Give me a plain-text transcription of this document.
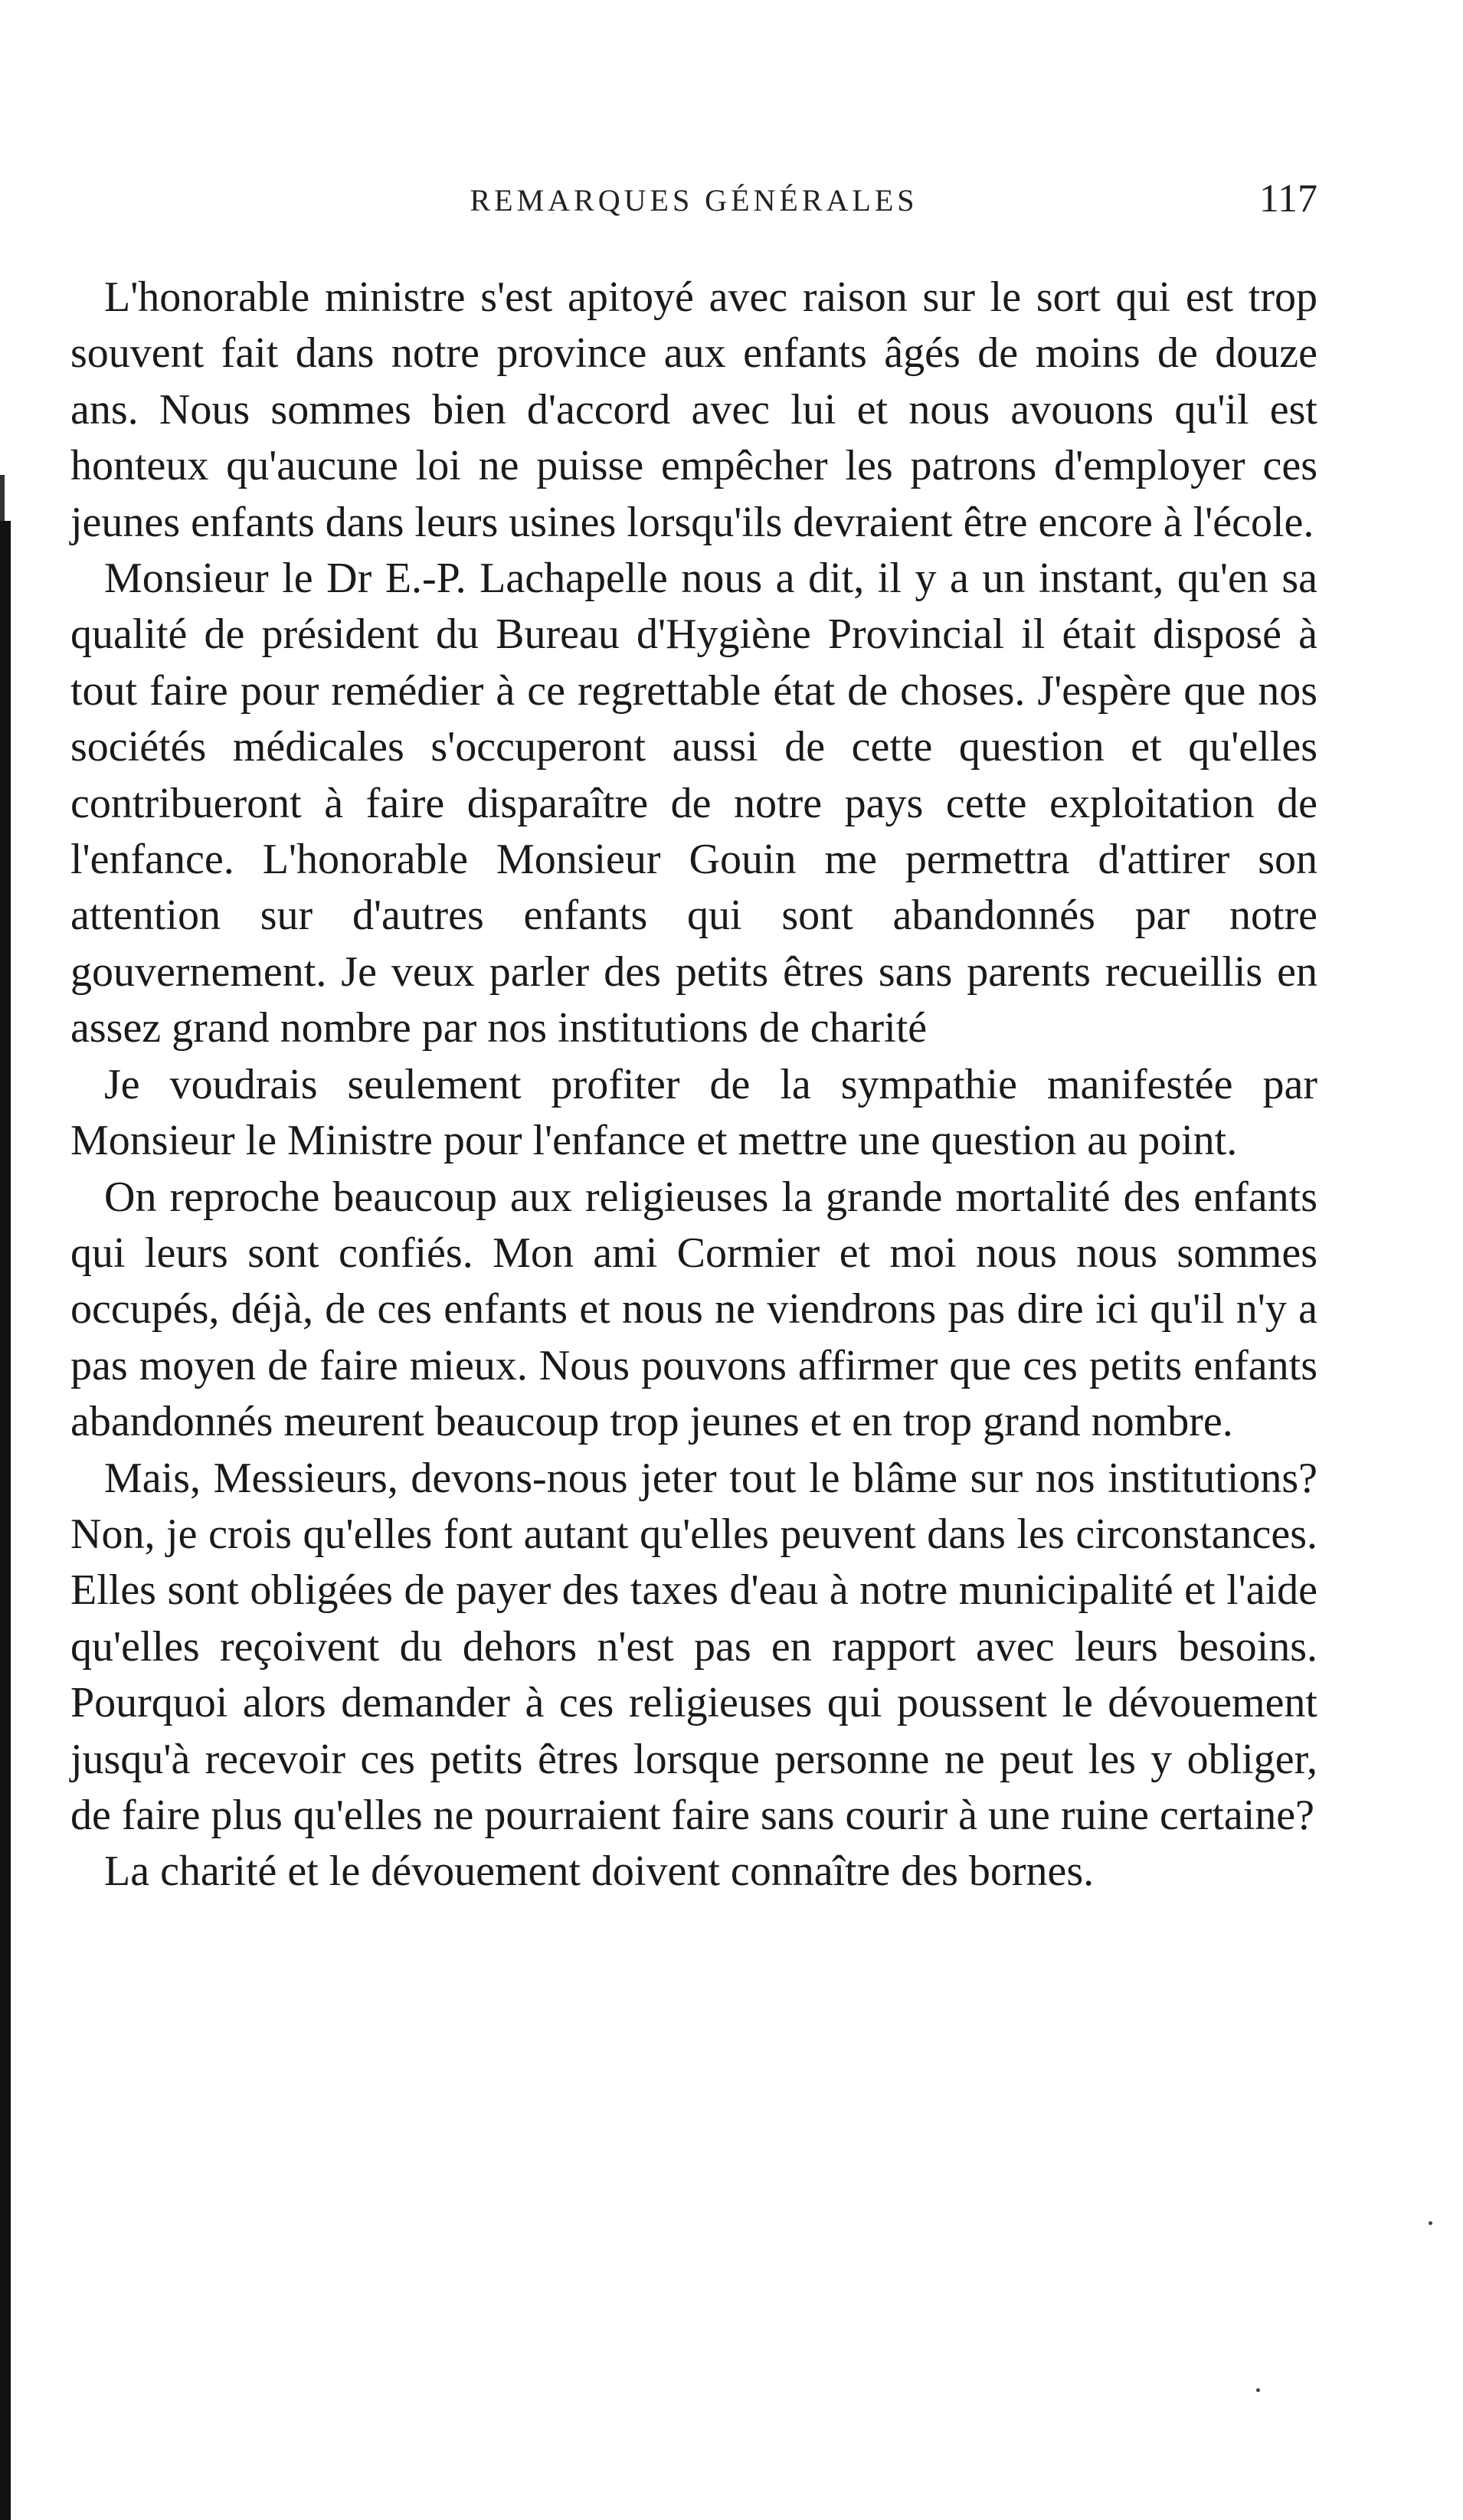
REMARQUES GÉNÉRALES	117

L'honorable ministre s'est apitoyé avec raison sur le sort qui est trop souvent fait dans notre province aux enfants âgés de moins de douze ans. Nous sommes bien d'accord avec lui et nous avouons qu'il est honteux qu'aucune loi ne puisse empêcher les patrons d'employer ces jeunes enfants dans leurs usines lorsqu'ils devraient être encore à l'école.

Monsieur le Dr E.-P. Lachapelle nous a dit, il y a un instant, qu'en sa qualité de président du Bureau d'Hygiène Provincial il était disposé à tout faire pour remédier à ce regrettable état de choses. J'espère que nos sociétés médicales s'occuperont aussi de cette question et qu'elles contribueront à faire disparaître de notre pays cette exploitation de l'enfance. L'honorable Monsieur Gouin me permettra d'attirer son attention sur d'autres enfants qui sont abandonnés par notre gouvernement. Je veux parler des petits êtres sans parents recueillis en assez grand nombre par nos institutions de charité

Je voudrais seulement profiter de la sympathie manifestée par Monsieur le Ministre pour l'enfance et mettre une question au point.

On reproche beaucoup aux religieuses la grande mortalité des enfants qui leurs sont confiés. Mon ami Cormier et moi nous nous sommes occupés, déjà, de ces enfants et nous ne viendrons pas dire ici qu'il n'y a pas moyen de faire mieux. Nous pouvons affirmer que ces petits enfants abandonnés meurent beaucoup trop jeunes et en trop grand nombre.

Mais, Messieurs, devons-nous jeter tout le blâme sur nos institutions? Non, je crois qu'elles font autant qu'elles peuvent dans les circonstances. Elles sont obligées de payer des taxes d'eau à notre municipalité et l'aide qu'elles reçoivent du dehors n'est pas en rapport avec leurs besoins. Pourquoi alors demander à ces religieuses qui poussent le dévouement jusqu'à recevoir ces petits êtres lorsque personne ne peut les y obliger, de faire plus qu'elles ne pourraient faire sans courir à une ruine certaine?

La charité et le dévouement doivent connaître des bornes.
